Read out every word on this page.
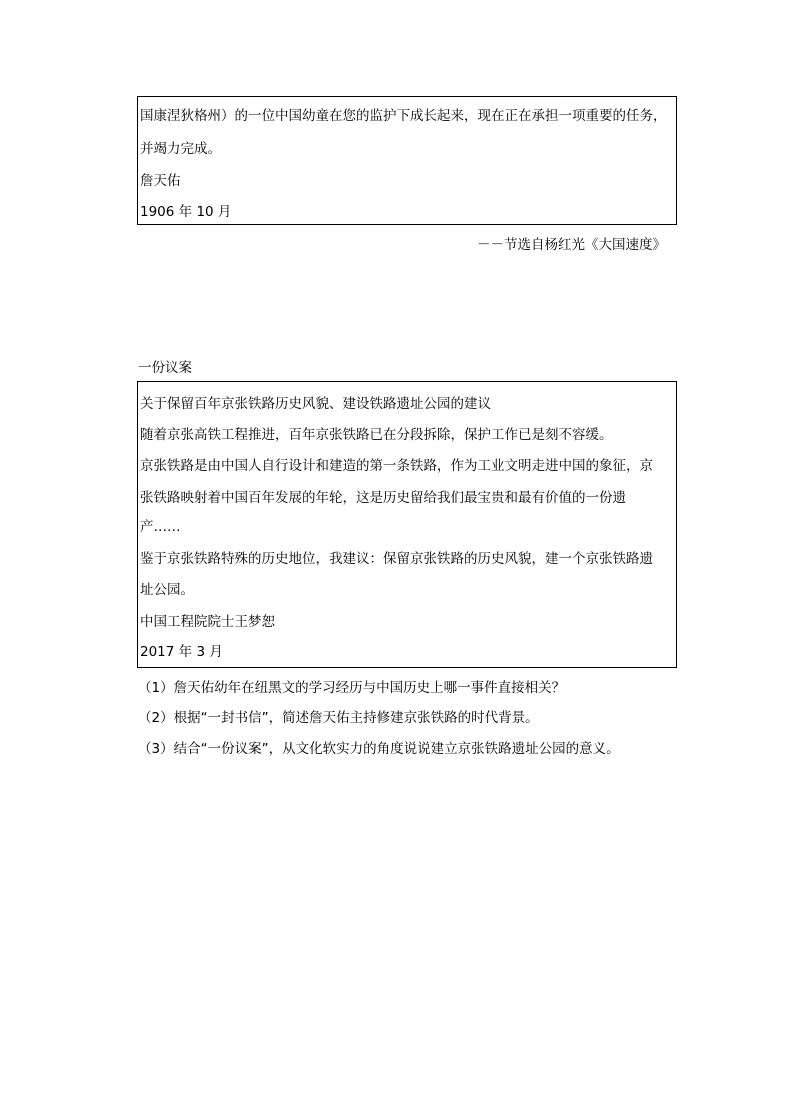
国康涅狄格州）的一位中国幼童在您的监护下成长起来，现在正在承担一项重要的任务，
并竭力完成。
詹天佑
1906 年 10 月
－－节选自杨红光《大国速度》
一份议案
关于保留百年京张铁路历史风貌、建设铁路遗址公园的建议
随着京张高铁工程推进，百年京张铁路已在分段拆除，保护工作已是刻不容缓。
京张铁路是由中国人自行设计和建造的第一条铁路，作为工业文明走进中国的象征，京
张铁路映射着中国百年发展的年轮，这是历史留给我们最宝贵和最有价值的一份遗
产……
鉴于京张铁路特殊的历史地位，我建议：保留京张铁路的历史风貌，建一个京张铁路遗
址公园。
中国工程院院士王梦恕
2017 年 3 月
（1）詹天佑幼年在纽黑文的学习经历与中国历史上哪一事件直接相关？
（2）根据“一封书信”，简述詹天佑主持修建京张铁路的时代背景。
（3）结合“一份议案”，从文化软实力的角度说说建立京张铁路遗址公园的意义。
